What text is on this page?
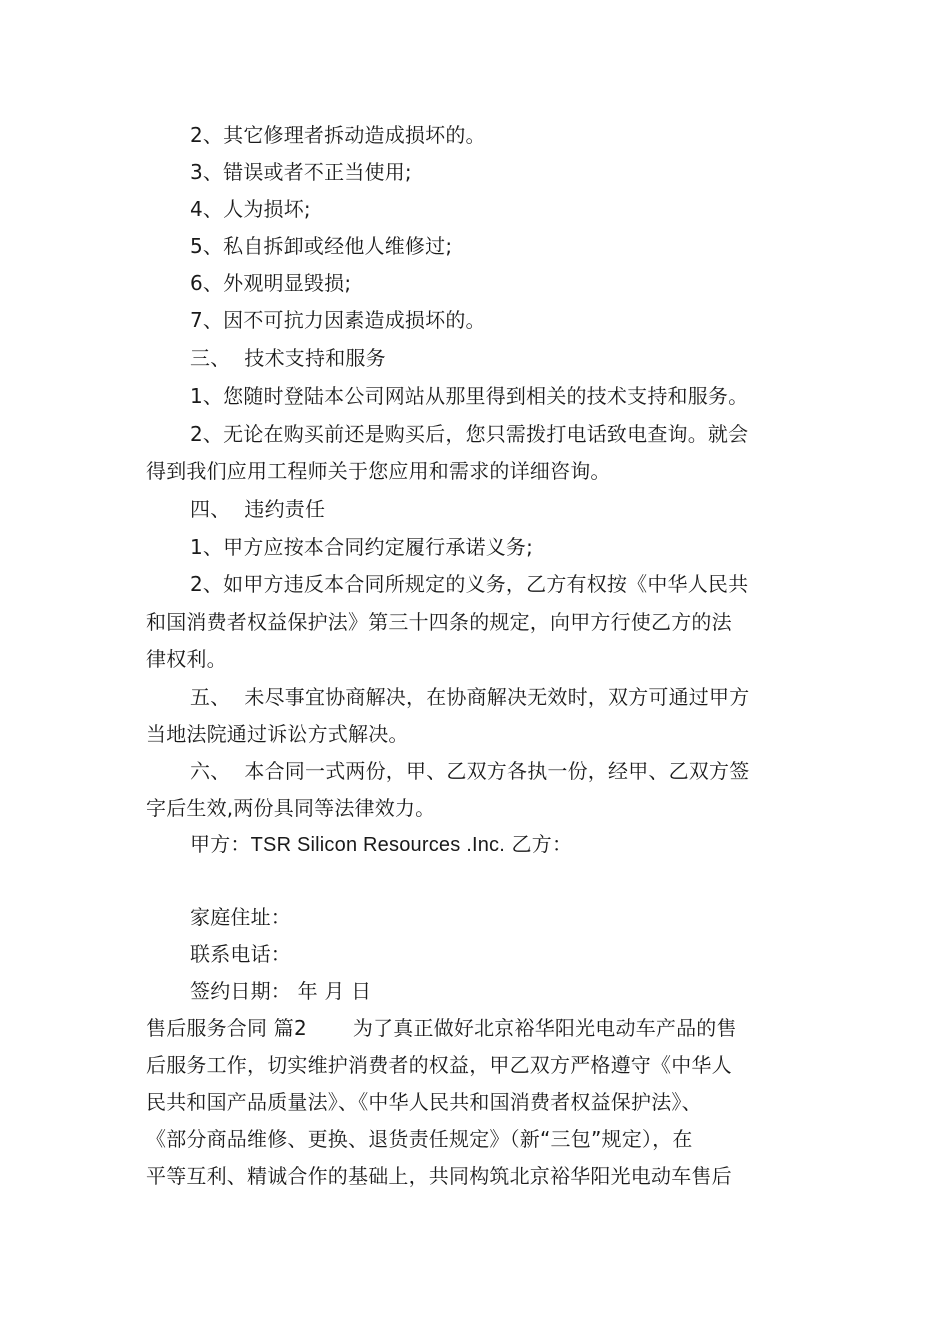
2、其它修理者拆动造成损坏的。
3、错误或者不正当使用;
4、人为损坏;
5、私自拆卸或经他人维修过;
6、外观明显毁损;
7、因不可抗力因素造成损坏的。
三、 技术支持和服务
1、您随时登陆本公司网站从那里得到相关的技术支持和服务。
2、无论在购买前还是购买后，您只需拨打电话致电查询。就会
得到我们应用工程师关于您应用和需求的详细咨询。
四、 违约责任
1、甲方应按本合同约定履行承诺义务;
2、如甲方违反本合同所规定的义务，乙方有权按《中华人民共
和国消费者权益保护法》第三十四条的规定，向甲方行使乙方的法
律权利。
五、 未尽事宜协商解决，在协商解决无效时，双方可通过甲方
当地法院通过诉讼方式解决。
六、 本合同一式两份，甲、乙双方各执一份，经甲、乙双方签
字后生效,两份具同等法律效力。
甲方：TSR Silicon Resources .Inc. 乙方：
家庭住址：
联系电话：
签约日期： 年 月 日
售后服务合同 篇2 为了真正做好北京裕华阳光电动车产品的售
后服务工作，切实维护消费者的权益，甲乙双方严格遵守《中华人
民共和国产品质量法》、《中华人民共和国消费者权益保护法》、
《部分商品维修、更换、退货责任规定》（新“三包”规定），在
平等互利、精诚合作的基础上，共同构筑北京裕华阳光电动车售后
